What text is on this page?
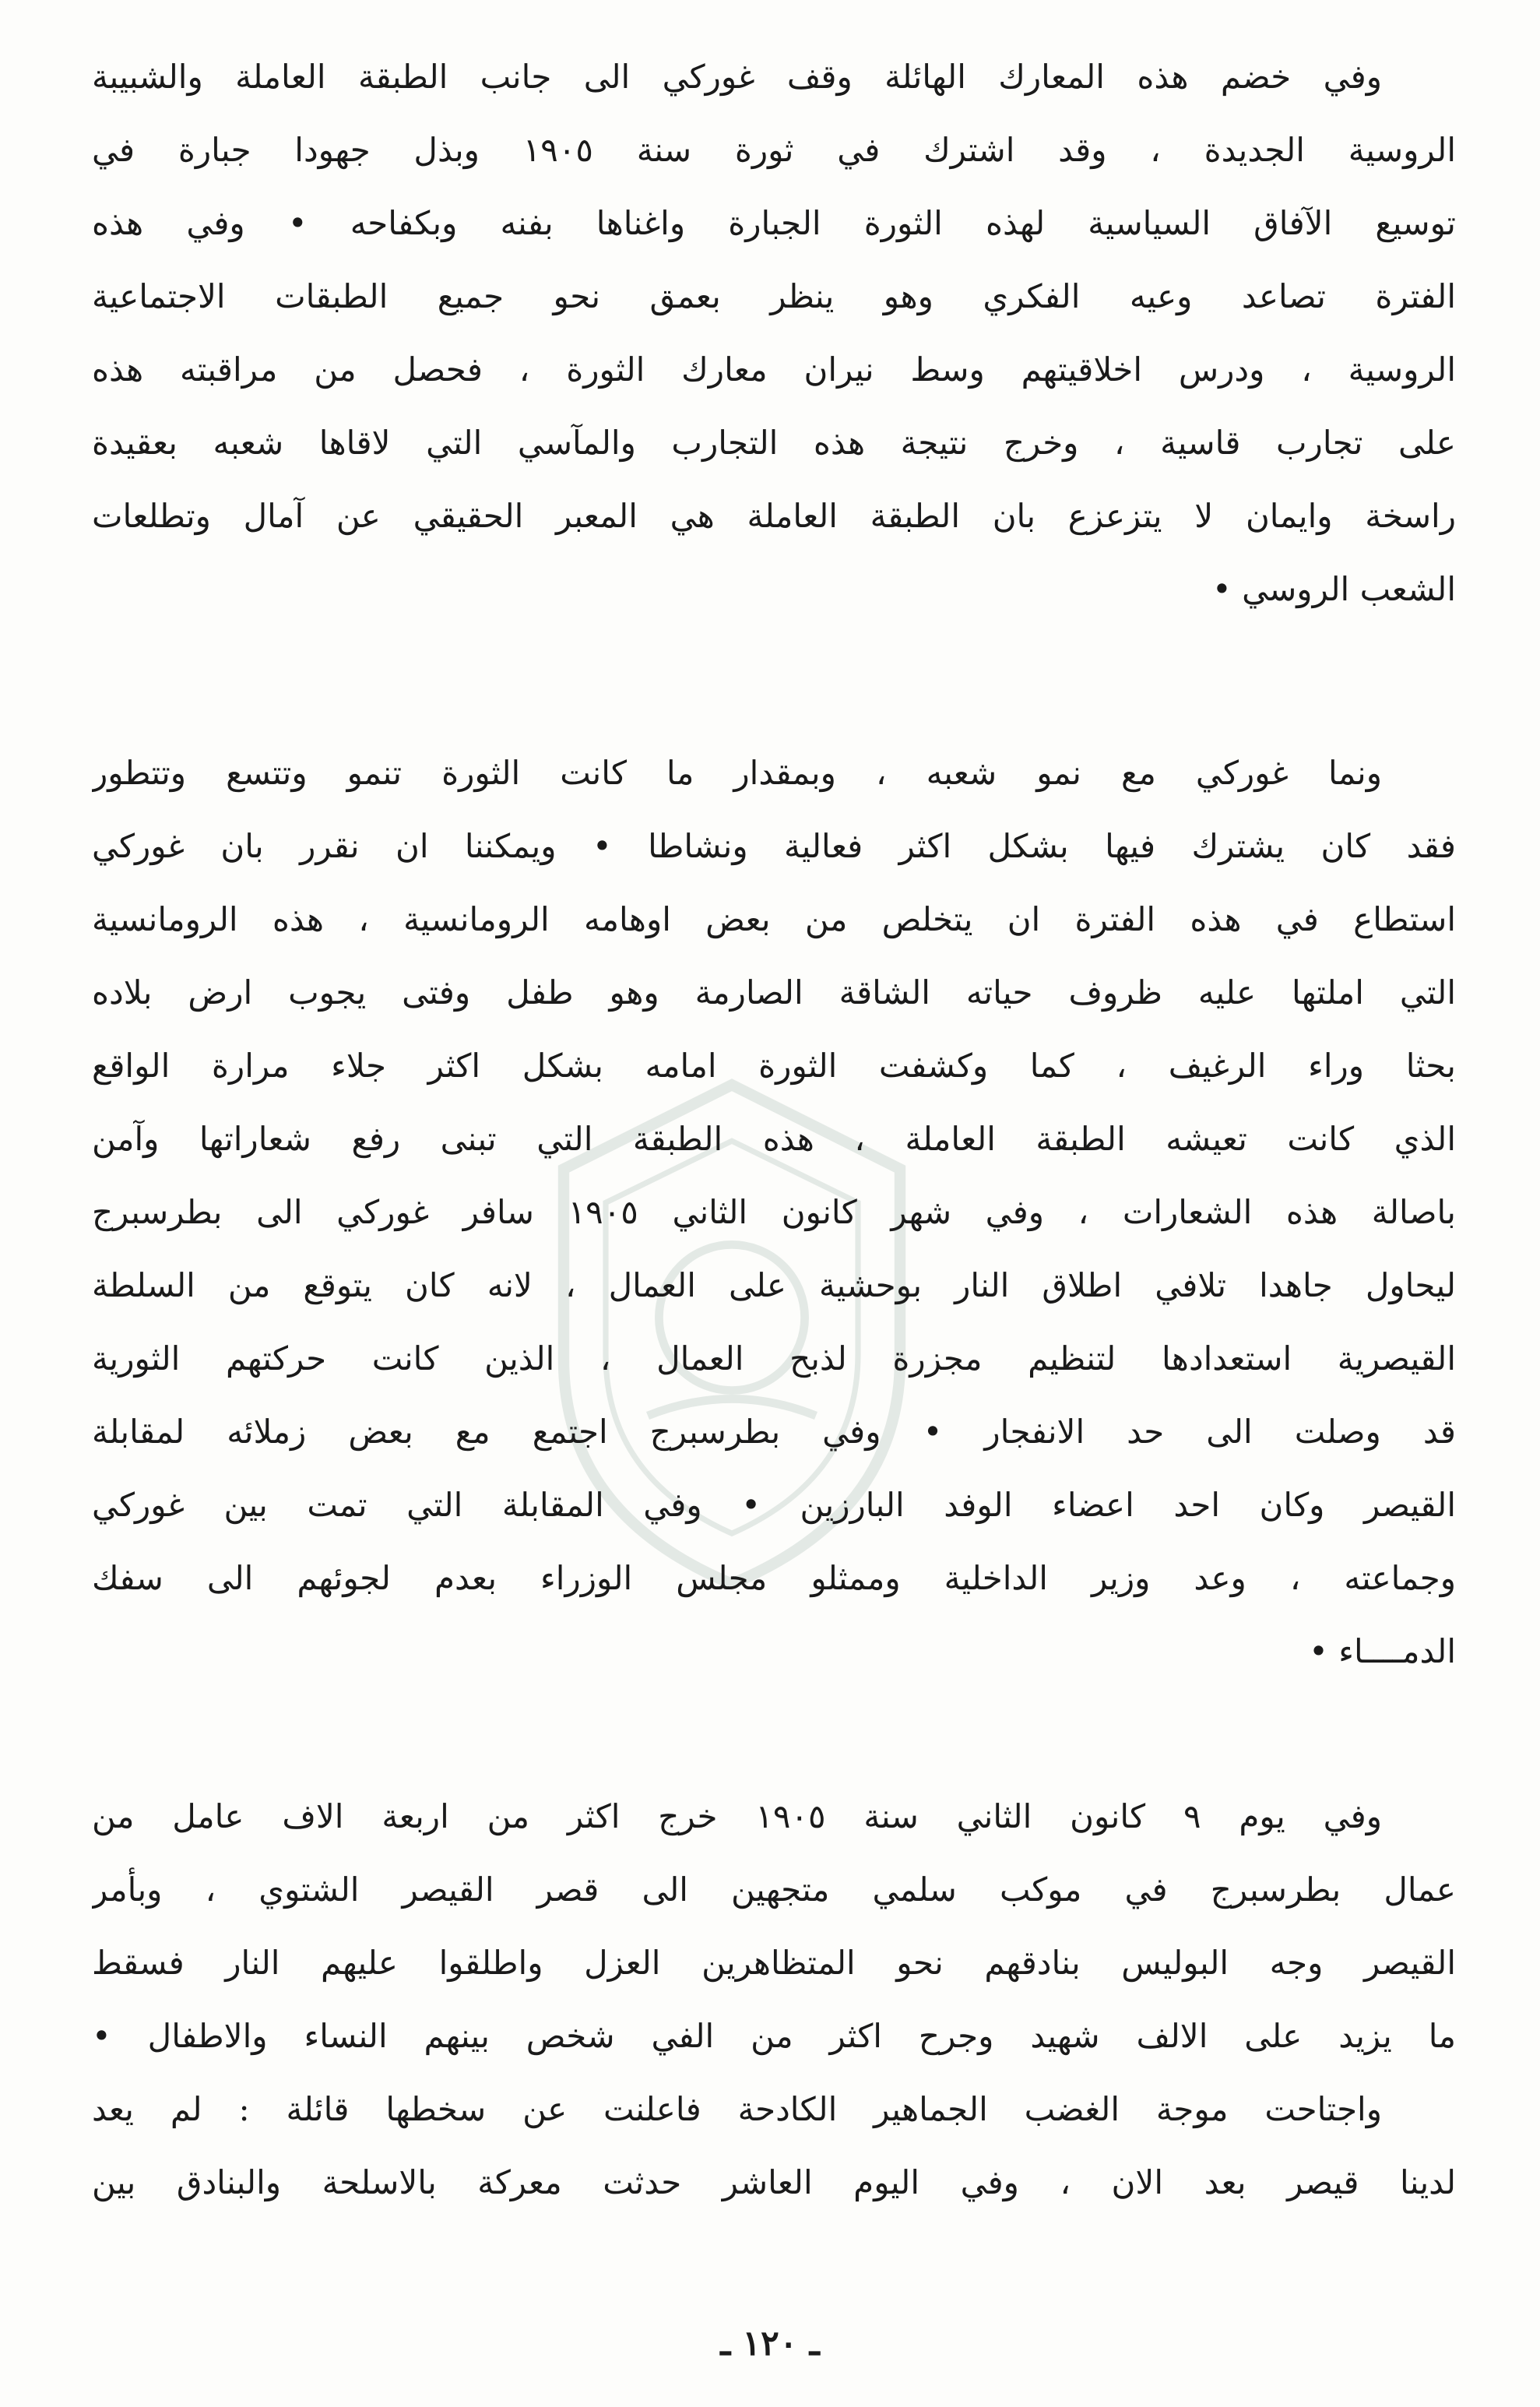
وفي خضم هذه المعارك الهائلة وقف غوركي الى جانب الطبقة العاملة والشبيبة
الروسية الجديدة ، وقد اشترك في ثورة سنة ١٩٠٥ وبذل جهودا جبارة في
توسيع الآفاق السياسية لهذه الثورة الجبارة واغناها بفنه وبكفاحه • وفي هذه
الفترة تصاعد وعيه الفكري وهو ينظر بعمق نحو جميع الطبقات الاجتماعية
الروسية ، ودرس اخلاقيتهم وسط نيران معارك الثورة ، فحصل من مراقبته هذه
على تجارب قاسية ، وخرج نتيجة هذه التجارب والمآسي التي لاقاها شعبه بعقيدة
راسخة وايمان لا يتزعزع بان الطبقة العاملة هي المعبر الحقيقي عن آمال وتطلعات
الشعب الروسي •
ونما غوركي مع نمو شعبه ، وبمقدار ما كانت الثورة تنمو وتتسع وتتطور
فقد كان يشترك فيها بشكل اكثر فعالية ونشاطا • ويمكننا ان نقرر بان غوركي
استطاع في هذه الفترة ان يتخلص من بعض اوهامه الرومانسية ، هذه الرومانسية
التي املتها عليه ظروف حياته الشاقة الصارمة وهو طفل وفتى يجوب ارض بلاده
بحثا وراء الرغيف ، كما وكشفت الثورة امامه بشكل اكثر جلاء مرارة الواقع
الذي كانت تعيشه الطبقة العاملة ، هذه الطبقة التي تبنى رفع شعاراتها وآمن
باصالة هذه الشعارات ، وفي شهر كانون الثاني ١٩٠٥ سافر غوركي الى بطرسبرج
ليحاول جاهدا تلافي اطلاق النار بوحشية على العمال ، لانه كان يتوقع من السلطة
القيصرية استعدادها لتنظيم مجزرة لذبح العمال ، الذين كانت حركتهم الثورية
قد وصلت الى حد الانفجار • وفي بطرسبرج اجتمع مع بعض زملائه لمقابلة
القيصر وكان احد اعضاء الوفد البارزين • وفي المقابلة التي تمت بين غوركي
وجماعته ، وعد وزير الداخلية وممثلو مجلس الوزراء بعدم لجوئهم الى سفك
الدمــــاء •
وفي يوم ٩ كانون الثاني سنة ١٩٠٥ خرج اكثر من اربعة الاف عامل من
عمال بطرسبرج في موكب سلمي متجهين الى قصر القيصر الشتوي ، وبأمر
القيصر وجه البوليس بنادقهم نحو المتظاهرين العزل واطلقوا عليهم النار فسقط
ما يزيد على الالف شهيد وجرح اكثر من الفي شخص بينهم النساء والاطفال •
واجتاحت موجة الغضب الجماهير الكادحة فاعلنت عن سخطها قائلة : لم يعد
لدينا قيصر بعد الان ، وفي اليوم العاشر حدثت معركة بالاسلحة والبنادق بين
ـ ١٢٠ ـ
